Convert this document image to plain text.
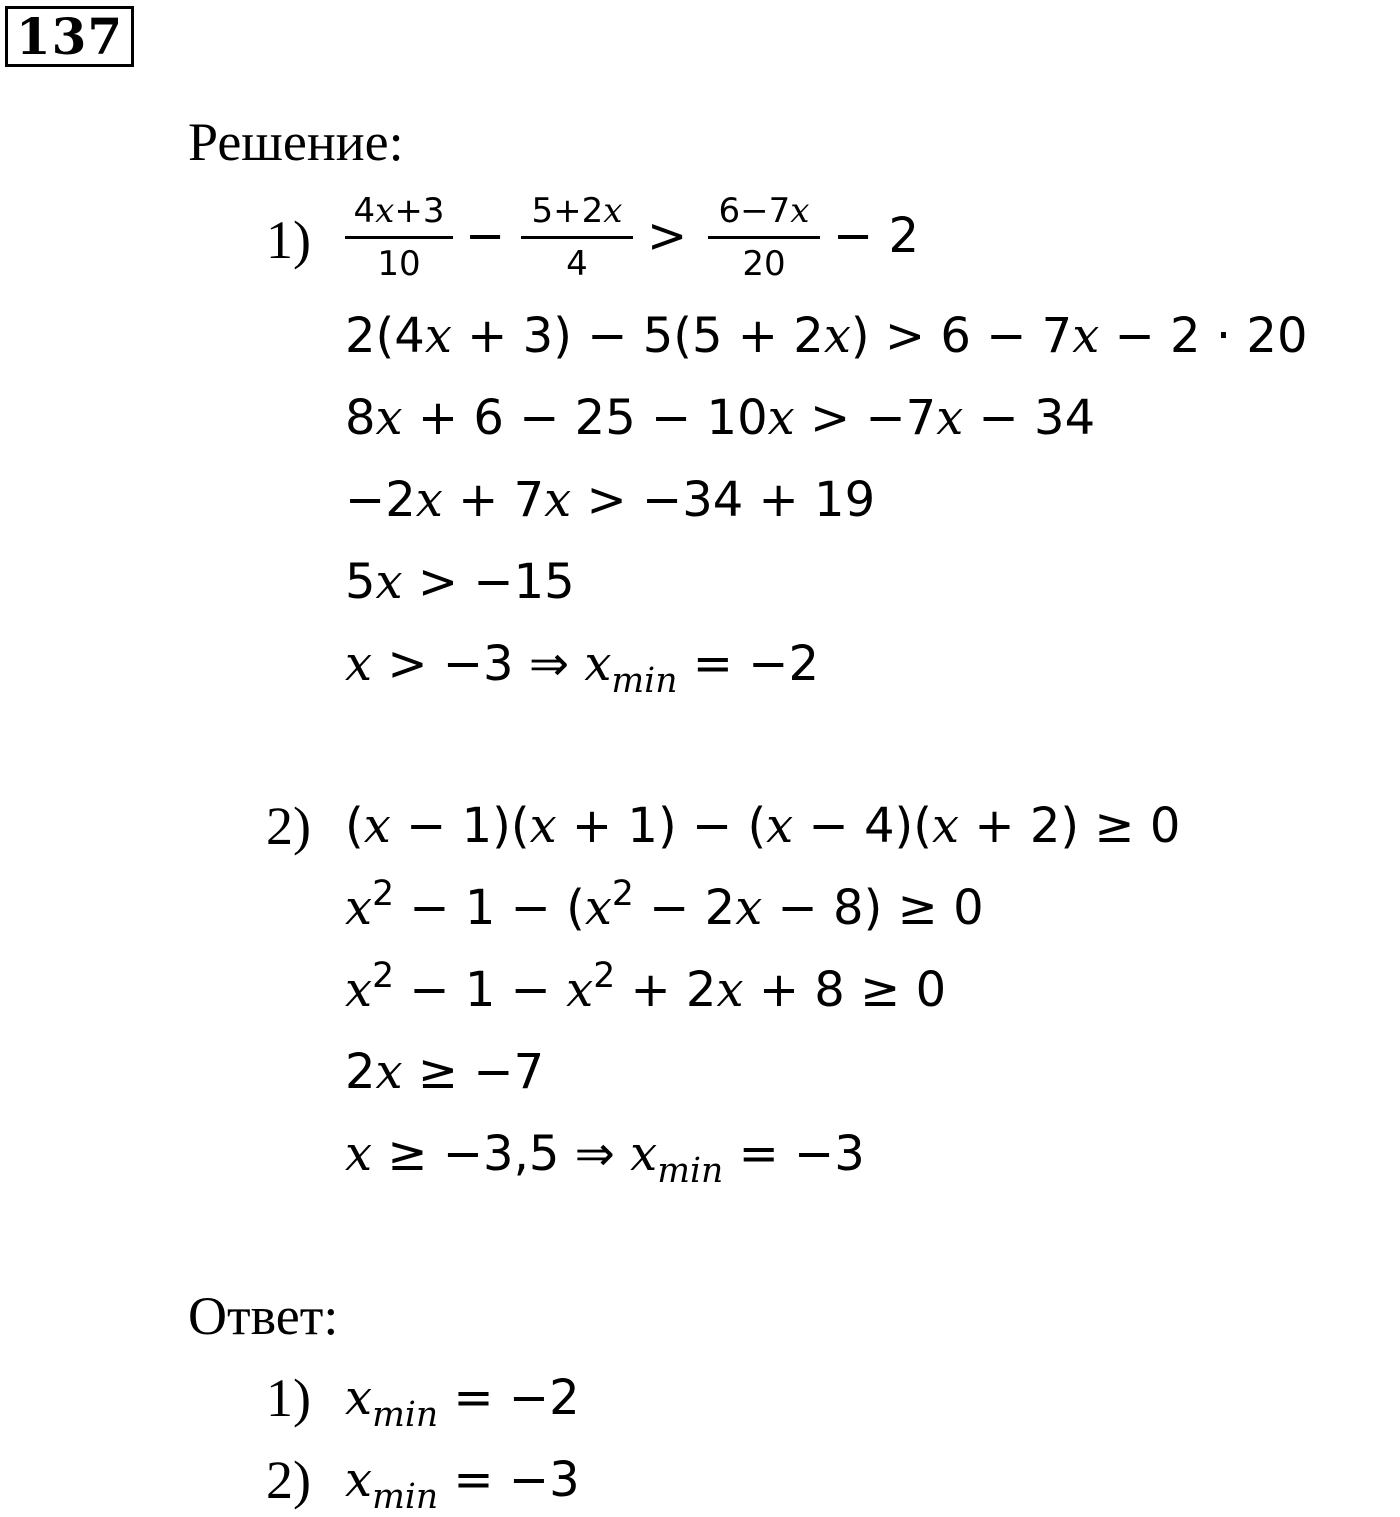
137
Решение:
1) 4x+3
10 − 5+2x
4	> 6−7x
20 − 2
2(4x + 3) − 5(5 + 2x) > 6 − 7x − 2 · 20
8x + 6 − 25 − 10x > −7x − 34
−2x + 7x > −34 + 19
5x > −15
x > −3 ⇒ $x_{min} = -2$
2) (x − 1)(x + 1) − (x − 4)(x + 2) ≥ 0
$x^2 - 1 - (x^2 - 2x - 8) \ge 0$
$x^2 - 1 - x^2 + 2x + 8 \ge 0$
2x ≥ −7
x ≥ −3,5 ⇒ $x_{min} = -3$
Ответ:
1) $x_{min} = -2$
2) $x_{min} = -3$
